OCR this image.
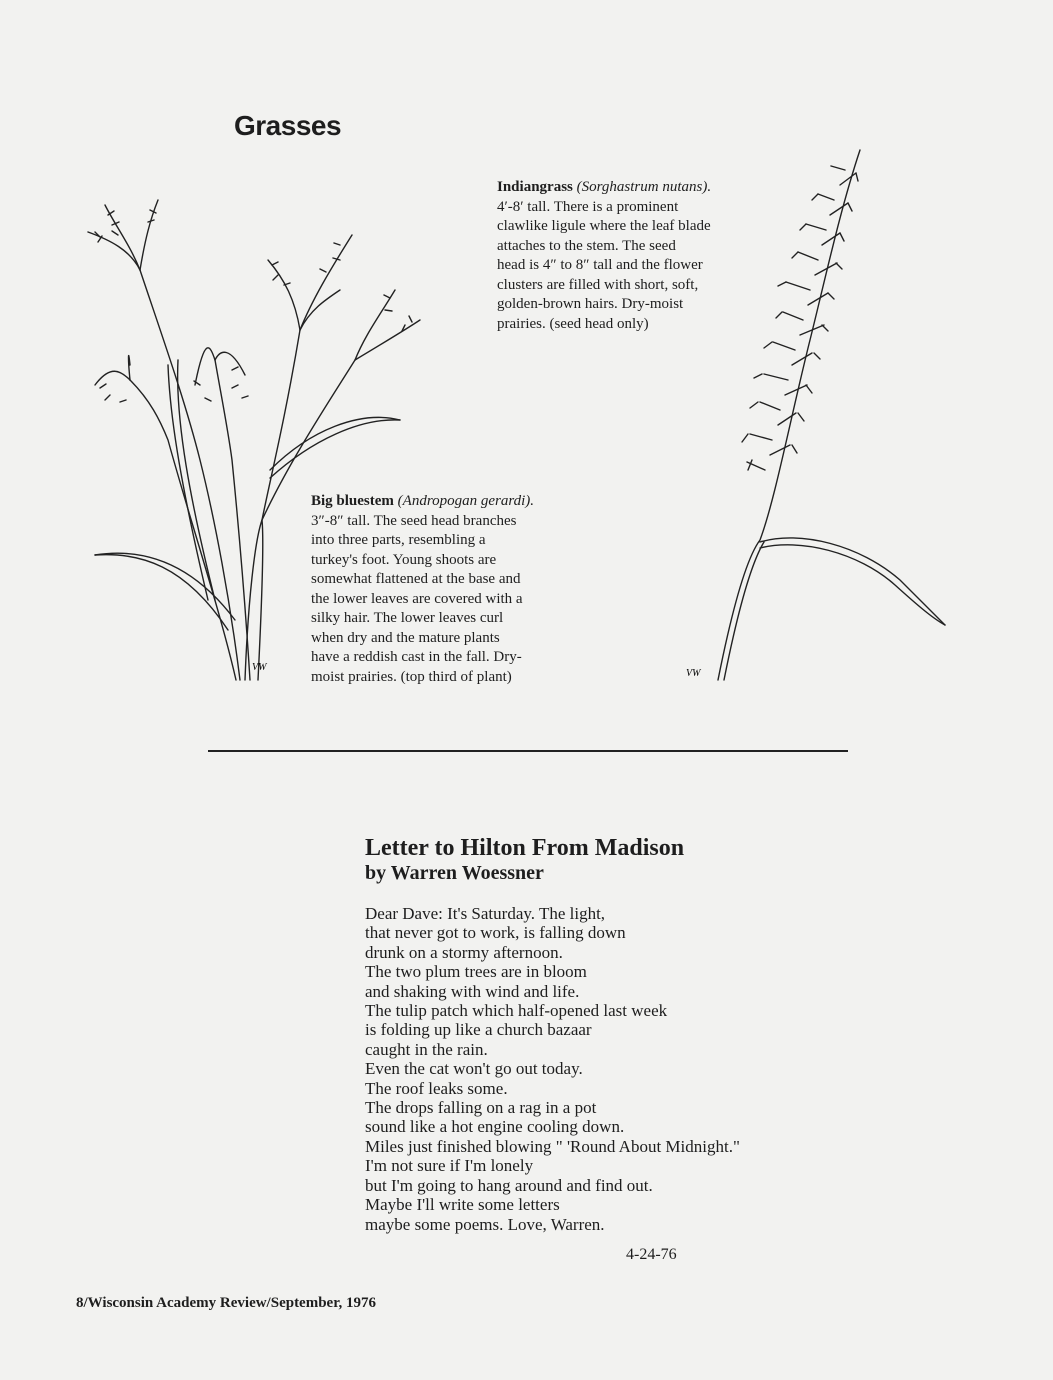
VW
VW
Grasses
Indiangrass (Sorghastrum nutans).
4′-8′ tall. There is a prominent
clawlike ligule where the leaf blade
attaches to the stem. The seed
head is 4″ to 8″ tall and the flower
clusters are filled with short, soft,
golden-brown hairs. Dry-moist
prairies. (seed head only)
Big bluestem (Andropogan gerardi).
3″-8″ tall. The seed head branches
into three parts, resembling a
turkey's foot. Young shoots are
somewhat flattened at the base and
the lower leaves are covered with a
silky hair. The lower leaves curl
when dry and the mature plants
have a reddish cast in the fall. Dry-
moist prairies. (top third of plant)
Letter to Hilton From Madison
by Warren Woessner
Dear Dave: It's Saturday. The light,
that never got to work, is falling down
drunk on a stormy afternoon.
The two plum trees are in bloom
and shaking with wind and life.
The tulip patch which half-opened last week
is folding up like a church bazaar
caught in the rain.
Even the cat won't go out today.
The roof leaks some.
The drops falling on a rag in a pot
sound like a hot engine cooling down.
Miles just finished blowing " 'Round About Midnight."
I'm not sure if I'm lonely
but I'm going to hang around and find out.
Maybe I'll write some letters
maybe some poems. Love, Warren.
4-24-76
8/Wisconsin Academy Review/September, 1976
